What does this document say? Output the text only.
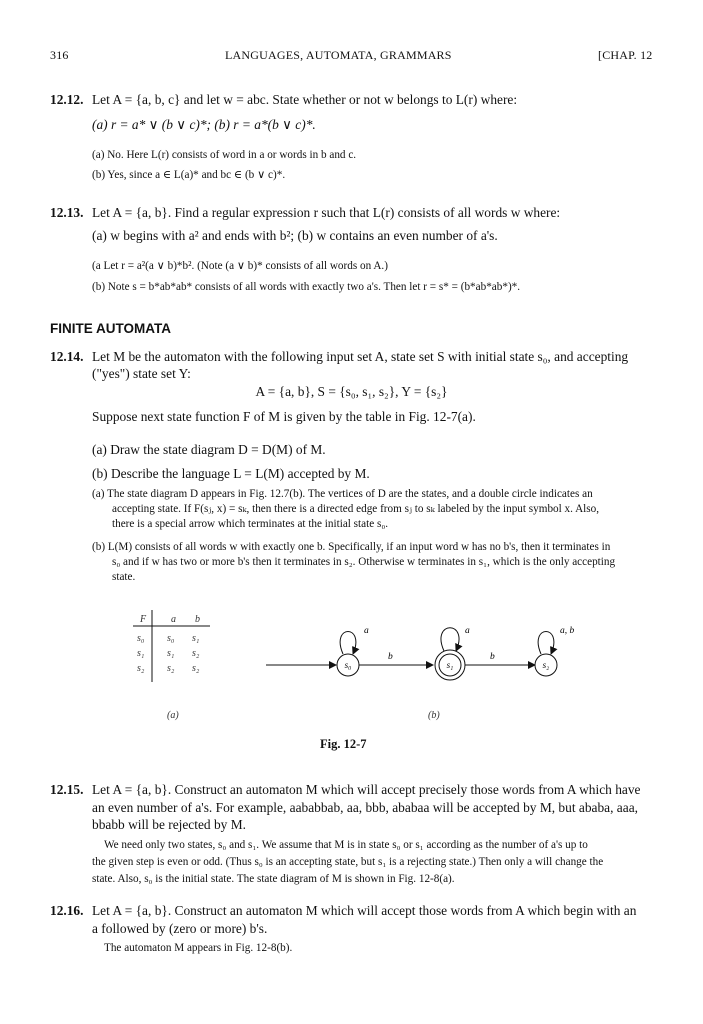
316	LANGUAGES, AUTOMATA, GRAMMARS	[CHAP. 12
12.12. Let A = {a, b, c} and let w = abc. State whether or not w belongs to L(r) where:
(a) r = a* ∨ (b ∨ c)*; (b) r = a*(b ∨ c)*.
(a) No. Here L(r) consists of word in a or words in b and c.
(b) Yes, since a ∈ L(a)* and bc ∈ (b ∨ c)*.
12.13. Let A = {a, b}. Find a regular expression r such that L(r) consists of all words w where:
(a) w begins with a² and ends with b²; (b) w contains an even number of a's.
(a Let r = a²(a ∨ b)*b². (Note (a ∨ b)* consists of all words on A.)
(b) Note s = b*ab*ab* consists of all words with exactly two a's. Then let r = s* = (b*ab*ab*)*.
FINITE AUTOMATA
12.14. Let M be the automaton with the following input set A, state set S with initial state s₀, and accepting
("yes") state set Y:
A = {a, b}, S = {s₀, s₁, s₂}, Y = {s₂}
Suppose next state function F of M is given by the table in Fig. 12-7(a).
(a) Draw the state diagram D = D(M) of M.
(b) Describe the language L = L(M) accepted by M.
(a) The state diagram D appears in Fig. 12.7(b). The vertices of D are the states, and a double circle indicates an
accepting state. If F(sⱼ, x) = sₖ, then there is a directed edge from sⱼ to sₖ labeled by the input symbol x. Also,
there is a special arrow which terminates at the initial state s₀.
(b) L(M) consists of all words w with exactly one b. Specifically, if an input word w has no b's, then it terminates in
s₀ and if w has two or more b's then it terminates in s₂. Otherwise w terminates in s₁, which is the only accepting
state.
F a b
s₀ s₀ s₁
s₁ s₁ s₂
s₂ s₂ s₂	s₀
a
b
s₁
a
b
s₂
a, b
(a)	(b)
Fig. 12-7
12.15. Let A = {a, b}. Construct an automaton M which will accept precisely those words from A which have
an even number of a's. For example, aababbab, aa, bbb, ababaa will be accepted by M, but ababa, aaa,
bbabb will be rejected by M.
We need only two states, s₀ and s₁. We assume that M is in state s₀ or s₁ according as the number of a's up to
the given step is even or odd. (Thus s₀ is an accepting state, but s₁ is a rejecting state.) Then only a will change the
state. Also, s₀ is the initial state. The state diagram of M is shown in Fig. 12-8(a).
12.16. Let A = {a, b}. Construct an automaton M which will accept those words from A which begin with an
a followed by (zero or more) b's.
The automaton M appears in Fig. 12-8(b).
